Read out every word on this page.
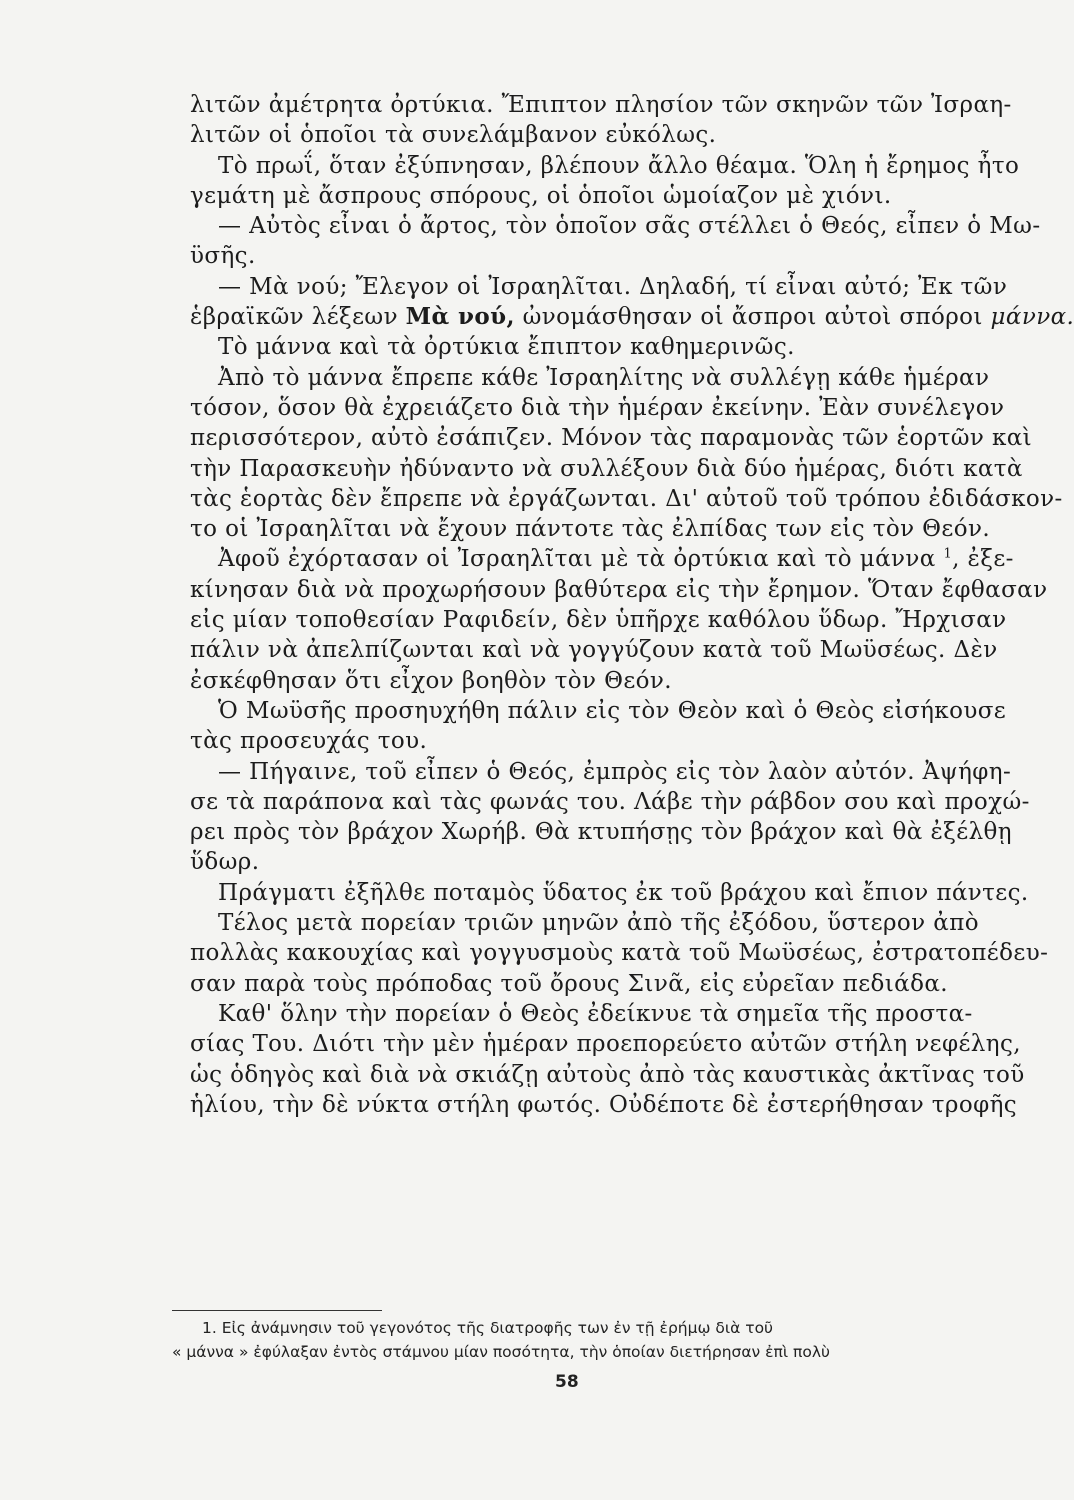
λιτῶν ἀμέτρητα ὀρτύκια. Ἔπιπτον πλησίον τῶν σκηνῶν τῶν Ἰσραη-
λιτῶν οἱ ὁποῖοι τὰ συνελάμβανον εὐκόλως.
Τὸ πρωΐ, ὅταν ἐξύπνησαν, βλέπουν ἄλλο θέαμα. Ὅλη ἡ ἔρημος ἦτο
γεμάτη μὲ ἄσπρους σπόρους, οἱ ὁποῖοι ὡμοίαζον μὲ χιόνι.
— Αὐτὸς εἶναι ὁ ἄρτος, τὸν ὁποῖον σᾶς στέλλει ὁ Θεός, εἶπεν ὁ Μω-
ϋσῆς.
— Μὰ νού; Ἔλεγον οἱ Ἰσραηλῖται. Δηλαδή, τί εἶναι αὐτό; Ἐκ τῶν
ἑβραϊκῶν λέξεων Μὰ νού, ὠνομάσθησαν οἱ ἄσπροι αὐτοὶ σπόροι μάννα.
Τὸ μάννα καὶ τὰ ὀρτύκια ἔπιπτον καθημερινῶς.
Ἀπὸ τὸ μάννα ἔπρεπε κάθε Ἰσραηλίτης νὰ συλλέγῃ κάθε ἡμέραν
τόσον, ὅσον θὰ ἐχρειάζετο διὰ τὴν ἡμέραν ἐκείνην. Ἐὰν συνέλεγον
περισσότερον, αὐτὸ ἐσάπιζεν. Μόνον τὰς παραμονὰς τῶν ἑορτῶν καὶ
τὴν Παρασκευὴν ἠδύναντο νὰ συλλέξουν διὰ δύο ἡμέρας, διότι κατὰ
τὰς ἑορτὰς δὲν ἔπρεπε νὰ ἐργάζωνται. Δι' αὐτοῦ τοῦ τρόπου ἐδιδάσκον-
το οἱ Ἰσραηλῖται νὰ ἔχουν πάντοτε τὰς ἐλπίδας των εἰς τὸν Θεόν.
Ἀφοῦ ἐχόρτασαν οἱ Ἰσραηλῖται μὲ τὰ ὀρτύκια καὶ τὸ μάννα $^1$, ἐξε-
κίνησαν διὰ νὰ προχωρήσουν βαθύτερα εἰς τὴν ἔρημον. Ὅταν ἔφθασαν
εἰς μίαν τοποθεσίαν Ραφιδείν, δὲν ὑπῆρχε καθόλου ὕδωρ. Ἤρχισαν
πάλιν νὰ ἀπελπίζωνται καὶ νὰ γογγύζουν κατὰ τοῦ Μωϋσέως. Δὲν
ἐσκέφθησαν ὅτι εἶχον βοηθὸν τὸν Θεόν.
Ὁ Μωϋσῆς προσηυχήθη πάλιν εἰς τὸν Θεὸν καὶ ὁ Θεὸς εἰσήκουσε
τὰς προσευχάς του.
— Πήγαινε, τοῦ εἶπεν ὁ Θεός, ἐμπρὸς εἰς τὸν λαὸν αὐτόν. Ἀψήφη-
σε τὰ παράπονα καὶ τὰς φωνάς του. Λάβε τὴν ράβδον σου καὶ προχώ-
ρει πρὸς τὸν βράχον Χωρήβ. Θὰ κτυπήσῃς τὸν βράχον καὶ θὰ ἐξέλθῃ
ὕδωρ.
Πράγματι ἐξῆλθε ποταμὸς ὕδατος ἐκ τοῦ βράχου καὶ ἔπιον πάντες.
Τέλος μετὰ πορείαν τριῶν μηνῶν ἀπὸ τῆς ἐξόδου, ὕστερον ἀπὸ
πολλὰς κακουχίας καὶ γογγυσμοὺς κατὰ τοῦ Μωϋσέως, ἐστρατοπέδευ-
σαν παρὰ τοὺς πρόποδας τοῦ ὄρους Σινᾶ, εἰς εὐρεῖαν πεδιάδα.
Καθ' ὅλην τὴν πορείαν ὁ Θεὸς ἐδείκνυε τὰ σημεῖα τῆς προστα-
σίας Του. Διότι τὴν μὲν ἡμέραν προεπορεύετο αὐτῶν στήλη νεφέλης,
ὡς ὁδηγὸς καὶ διὰ νὰ σκιάζῃ αὐτοὺς ἀπὸ τὰς καυστικὰς ἀκτῖνας τοῦ
ἡλίου, τὴν δὲ νύκτα στήλη φωτός. Οὐδέποτε δὲ ἐστερήθησαν τροφῆς
1. Εἰς ἀνάμνησιν τοῦ γεγονότος τῆς διατροφῆς των ἐν τῇ ἐρήμῳ διὰ τοῦ
« μάννα » ἐφύλαξαν ἐντὸς στάμνου μίαν ποσότητα, τὴν ὁποίαν διετήρησαν ἐπὶ πολὺ
58
